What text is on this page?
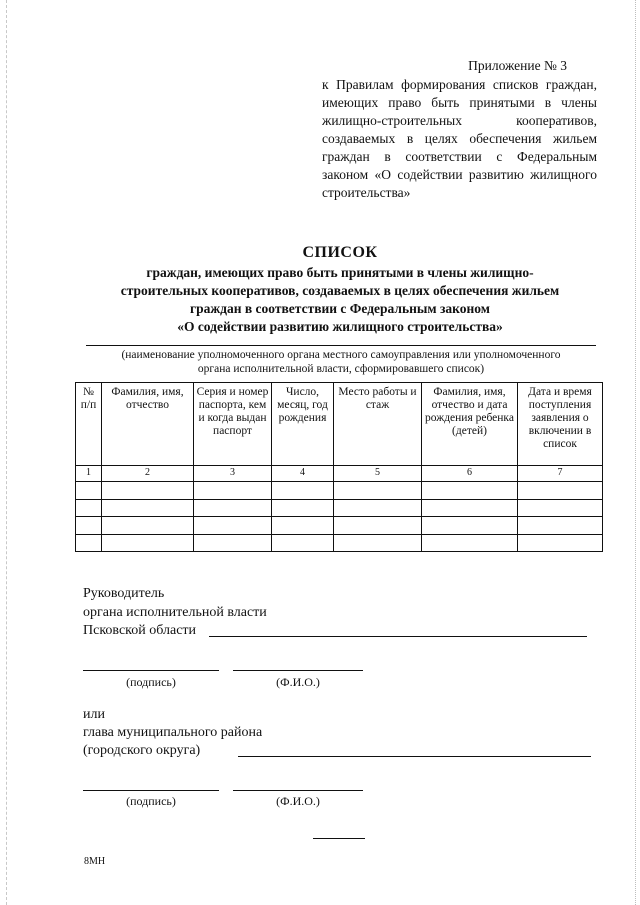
Приложение № 3
к Правилам формирования списков граждан, имеющих право быть принятыми в члены жилищно-строительных кооперативов, создаваемых в целях обеспечения жильем граждан в соответствии с Федеральным законом «О содействии развитию жилищного строительства»
СПИСОК
граждан, имеющих право быть принятыми в члены жилищно-
строительных кооперативов, создаваемых в целях обеспечения жильем
граждан в соответствии с Федеральным законом
«О содействии развитию жилищного строительства»
(наименование уполномоченного органа местного самоуправления или уполномоченного
органа исполнительной власти, сформировавшего список)
№ п/п	Фамилия, имя, отчество	Серия и номер паспорта, кем и когда выдан паспорт	Число, месяц, год рождения	Место работы и стаж	Фамилия, имя, отчество и дата рождения ребенка (детей)	Дата и время поступления заявления о включении в список
1	2	3	4	5	6	7

Руководитель
органа исполнительной власти
Псковской области
(подпись)	(Ф.И.О.)
или
глава муниципального района
(городского округа)
(подпись)	(Ф.И.О.)
8МН
